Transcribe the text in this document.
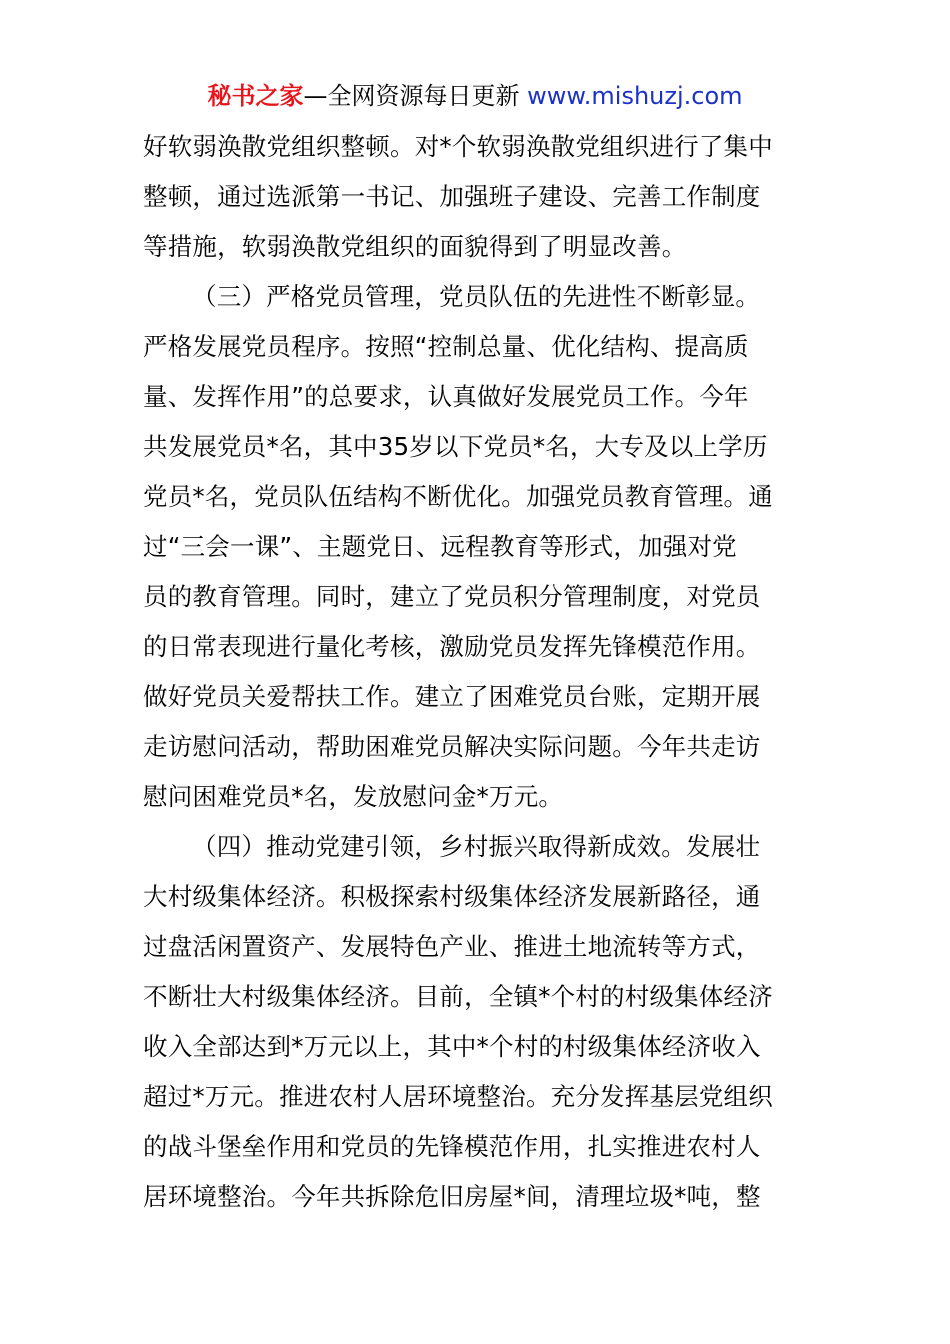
秘书之家—全网资源每日更新 www.mishuzj.com
好软弱涣散党组织整顿。对*个软弱涣散党组织进行了集中
整顿，通过选派第一书记、加强班子建设、完善工作制度
等措施，软弱涣散党组织的面貌得到了明显改善。
（三）严格党员管理，党员队伍的先进性不断彰显。
严格发展党员程序。按照“控制总量、优化结构、提高质
量、发挥作用”的总要求，认真做好发展党员工作。今年
共发展党员*名，其中35岁以下党员*名，大专及以上学历
党员*名，党员队伍结构不断优化。加强党员教育管理。通
过“三会一课”、主题党日、远程教育等形式，加强对党
员的教育管理。同时，建立了党员积分管理制度，对党员
的日常表现进行量化考核，激励党员发挥先锋模范作用。
做好党员关爱帮扶工作。建立了困难党员台账，定期开展
走访慰问活动，帮助困难党员解决实际问题。今年共走访
慰问困难党员*名，发放慰问金*万元。
（四）推动党建引领，乡村振兴取得新成效。发展壮
大村级集体经济。积极探索村级集体经济发展新路径，通
过盘活闲置资产、发展特色产业、推进土地流转等方式，
不断壮大村级集体经济。目前，全镇*个村的村级集体经济
收入全部达到*万元以上，其中*个村的村级集体经济收入
超过*万元。推进农村人居环境整治。充分发挥基层党组织
的战斗堡垒作用和党员的先锋模范作用，扎实推进农村人
居环境整治。今年共拆除危旧房屋*间，清理垃圾*吨，整
